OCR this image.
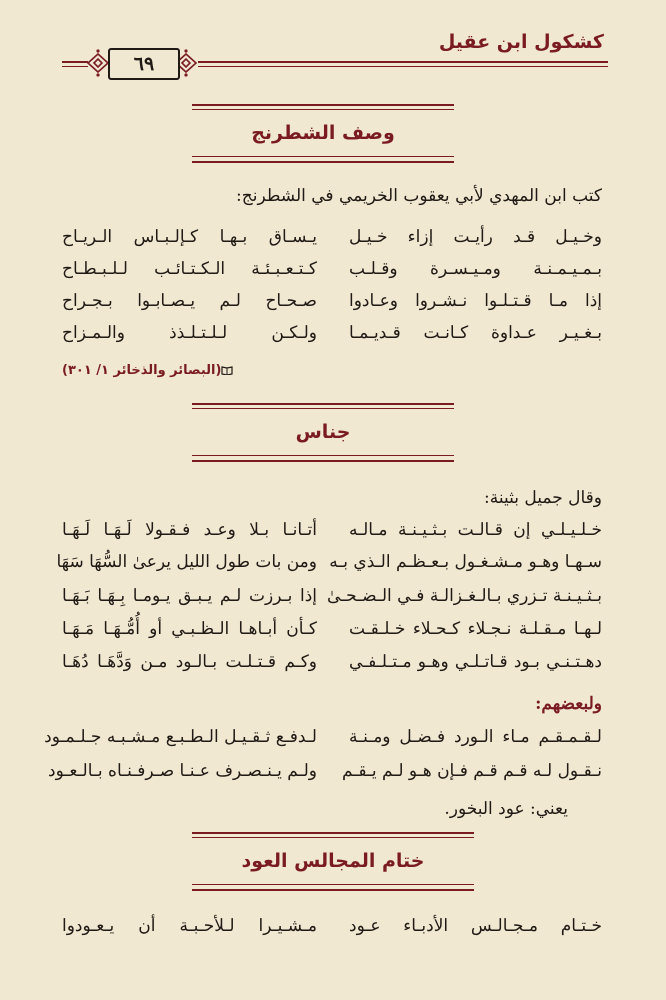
كشكول ابن عقيل
٦٩
وصف الشطرنج
كتب ابن المهدي لأبي يعقوب الخريمي في الشطرنج:
وخـيـل قـد رأيـت إزاء خـيـل
بـمـيـمـنـة ومـيـسـرة وقـلـب
إذا مـا قـتـلـوا نـشـروا وعـادوا
بـغـيـر عـداوة كـانـت قـديـمـا
يـسـاق بـهـا كـإلـبـاس الـريـاح
كـتـعـبـئـة الـكـتـائـب لـلـبـطـاح
صـحـاح لـم يـصـابـوا بـجـراح
ولـكـن لـلـتـلـذذ والـمـزاح
(البصائر والذخائر ١/ ٣٠١)
جناس
وقال جميل بثينة:
خـلـيـلـي إن قـالـت بـثـيـنـة مـالـه
سـهـا وهـو مـشـغـول بـعـظـم الـذي بـه
بـثـيـنـة تـزري بـالـغـزالـة فـي الـضـحـىٰ
لـهـا مـقـلـة نـجـلاء كـحـلاء خـلـقـت
دهـتـنـي بـود قـاتـلـي وهـو مـتـلـفـي
أتـانـا بـلا وعـد فـقـولا لَـهَـا لَـهَـا
ومن بات طول الليل يرعىٰ السُّهَا سَهَا
إذا بـرزت لـم يـبـق يـومـا بِـهَـا بَـهَـا
كـأن أبـاهـا الـظـبـي أو أُمُّـهَـا مَـهَـا
وكـم قـتـلـت بـالـود مـن وَدَّهَـا دُهَـا
ولبعضهم:
لـقـمـقـم مـاء الـورد فـضـل ومـنـة
نـقـول لـه قـم قـم فـإن هـو لـم يـقـم
لـدفـع ثـقـيـل الـطـبـع مـشـبـه جـلـمـود
ولـم يـنـصـرف عـنـا صـرفـنـاه بـالـعـود
يعني: عود البخور.
ختام المجالس العود
خـتـام مـجـالـس الأدبـاء عـود
مـشـيـرا لـلأحـبـة أن يـعـودوا
